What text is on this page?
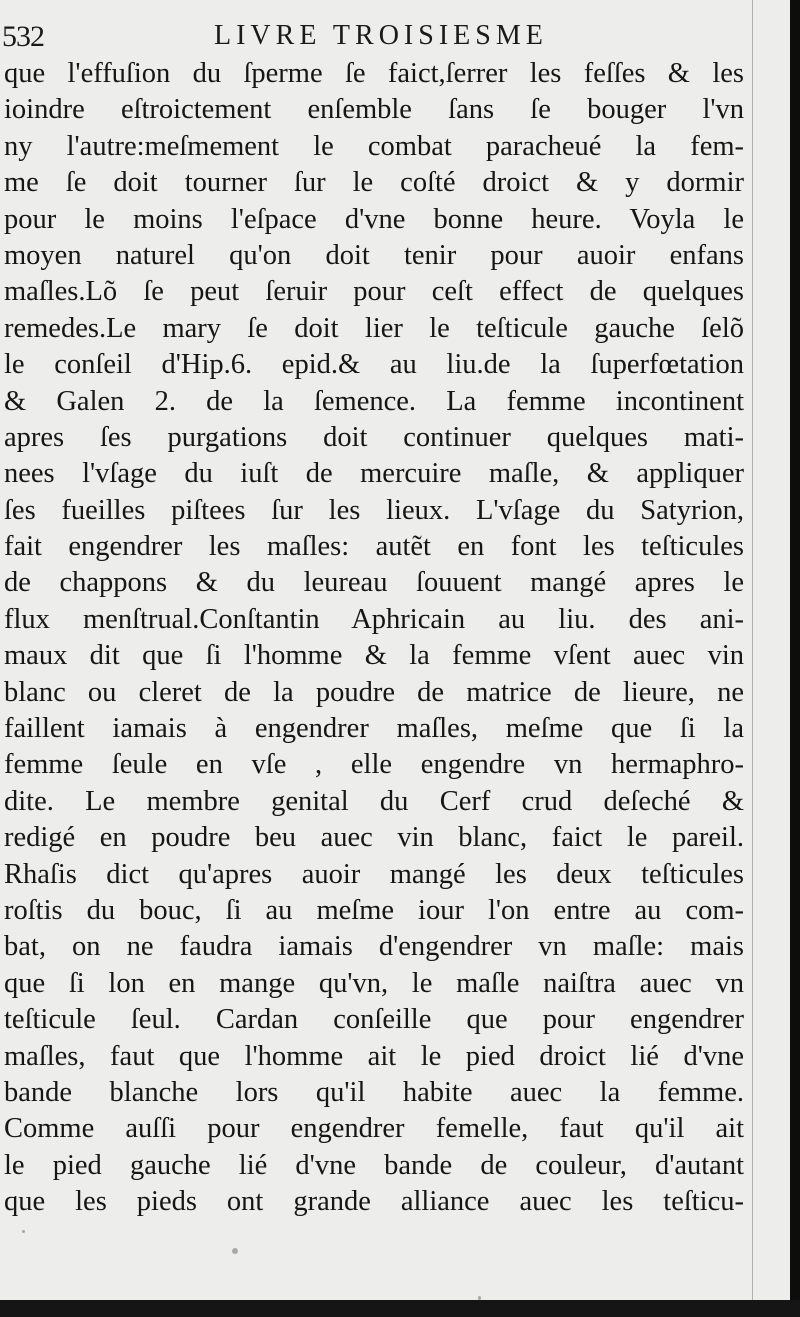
532	LIVRE TROISIESME
que l'effuſion du ſperme ſe faict,ſerrer les feſſes & les
ioindre eſtroictement enſemble ſans ſe bouger l'vn
ny l'autre:meſmement le combat paracheué la fem-
me ſe doit tourner ſur le coſté droict & y dormir
pour le moins l'eſpace d'vne bonne heure. Voyla le
moyen naturel qu'on doit tenir pour auoir enfans
maſles.Lõ ſe peut ſeruir pour ceſt effect de quelques
remedes.Le mary ſe doit lier le teſticule gauche ſelõ
le conſeil d'Hip.6. epid.& au liu.de la ſuperfœtation
& Galen 2. de la ſemence. La femme incontinent
apres ſes purgations doit continuer quelques mati-
nees l'vſage du iuſt de mercuire maſle, & appliquer
ſes fueilles piſtees ſur les lieux. L'vſage du Satyrion,
fait engendrer les maſles: autẽt en font les teſticules
de chappons & du leureau ſouuent mangé apres le
flux menſtrual.Conſtantin Aphricain au liu. des ani-
maux dit que ſi l'homme & la femme vſent auec vin
blanc ou cleret de la poudre de matrice de lieure, ne
faillent iamais à engendrer maſles, meſme que ſi la
femme ſeule en vſe , elle engendre vn hermaphro-
dite. Le membre genital du Cerf crud deſeché &
redigé en poudre beu auec vin blanc, faict le pareil.
Rhaſis dict qu'apres auoir mangé les deux teſticules
roſtis du bouc, ſi au meſme iour l'on entre au com-
bat, on ne faudra iamais d'engendrer vn maſle: mais
que ſi lon en mange qu'vn, le maſle naiſtra auec vn
teſticule ſeul. Cardan conſeille que pour engendrer
maſles, faut que l'homme ait le pied droict lié d'vne
bande blanche lors qu'il habite auec la femme.
Comme auſſi pour engendrer femelle, faut qu'il ait
le pied gauche lié d'vne bande de couleur, d'autant
que les pieds ont grande alliance auec les teſticu-
